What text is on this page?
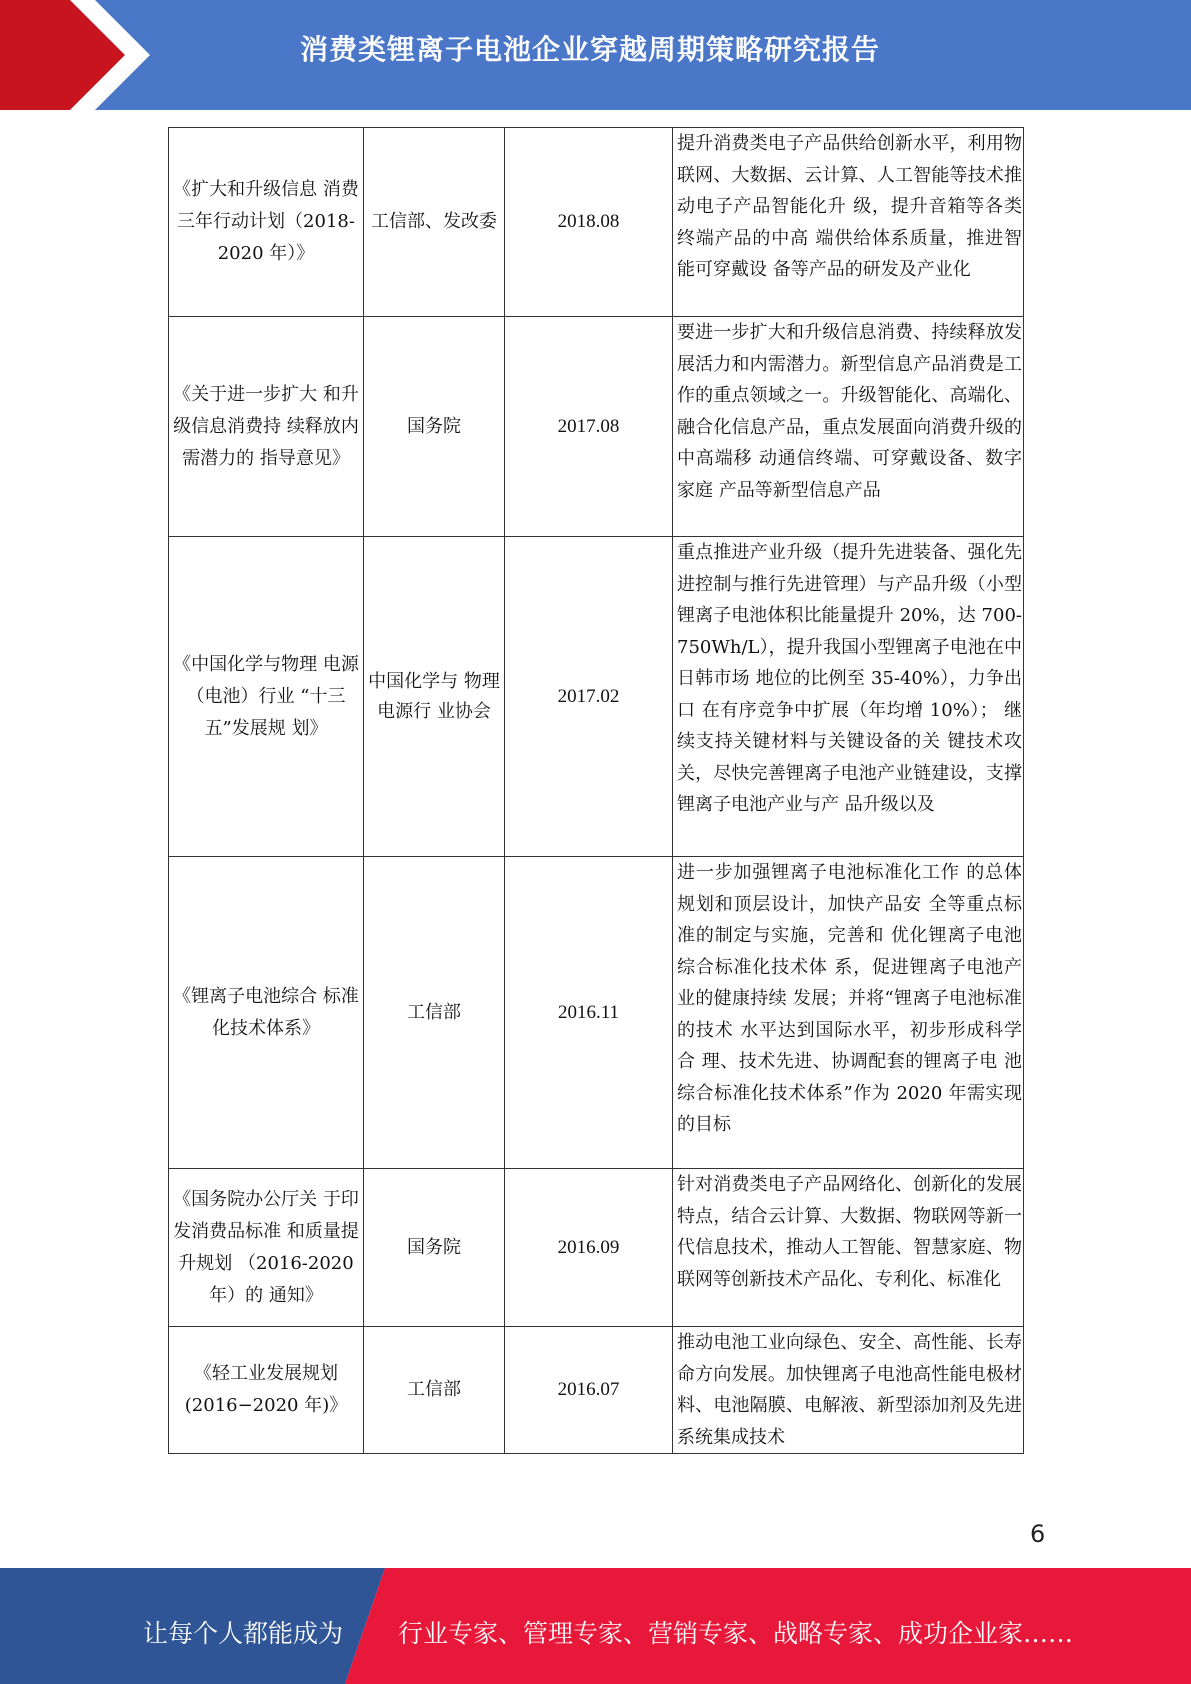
消费类锂离子电池企业穿越周期策略研究报告
《扩大和升级信息 消费三年行动计划（2018-2020 年）》	工信部、发改委	2018.08	提升消费类电子产品供给创新水平，利用物联网、大数据、云计算、人工智能等技术推动电子产品智能化升 级，提升音箱等各类终端产品的中高 端供给体系质量，推进智能可穿戴设 备等产品的研发及产业化
《关于进一步扩大 和升级信息消费持 续释放内需潜力的 指导意见》	国务院	2017.08	要进一步扩大和升级信息消费、持续释放发展活力和内需潜力。新型信息产品消费是工作的重点领域之一。升级智能化、高端化、融合化信息产品，重点发展面向消费升级的中高端移 动通信终端、可穿戴设备、数字家庭 产品等新型信息产品
《中国化学与物理 电源（电池）行业 “十三五”发展规 划》	中国化学与 物理电源行 业协会	2017.02	重点推进产业升级（提升先进装备、强化先进控制与推行先进管理）与产品升级（小型锂离子电池体积比能量提升 20%，达 700-750Wh/L），提升我国小型锂离子电池在中日韩市场 地位的比例至 35-40%），力争出口 在有序竞争中扩展（年均增 10%）； 继续支持关键材料与关键设备的关 键技术攻关，尽快完善锂离子电池产业链建设，支撑锂离子电池产业与产 品升级以及
《锂离子电池综合 标准化技术体系》	工信部	2016.11	进一步加强锂离子电池标准化工作 的总体规划和顶层设计，加快产品安 全等重点标准的制定与实施，完善和 优化锂离子电池综合标准化技术体 系，促进锂离子电池产业的健康持续 发展；并将“锂离子电池标准的技术 水平达到国际水平，初步形成科学合 理、技术先进、协调配套的锂离子电 池综合标准化技术体系”作为 2020 年需实现的目标
《国务院办公厅关 于印发消费品标准 和质量提升规划 （2016-2020 年）的 通知》	国务院	2016.09	针对消费类电子产品网络化、创新化的发展特点，结合云计算、大数据、物联网等新一代信息技术，推动人工智能、智慧家庭、物联网等创新技术产品化、专利化、标准化
《轻工业发展规划 (2016−2020 年)》	工信部	2016.07	推动电池工业向绿色、安全、高性能、长寿命方向发展。加快锂离子电池高性能电极材料、电池隔膜、电解液、新型添加剂及先进系统集成技术
6
让每个人都能成为 行业专家、管理专家、营销专家、战略专家、成功企业家……
